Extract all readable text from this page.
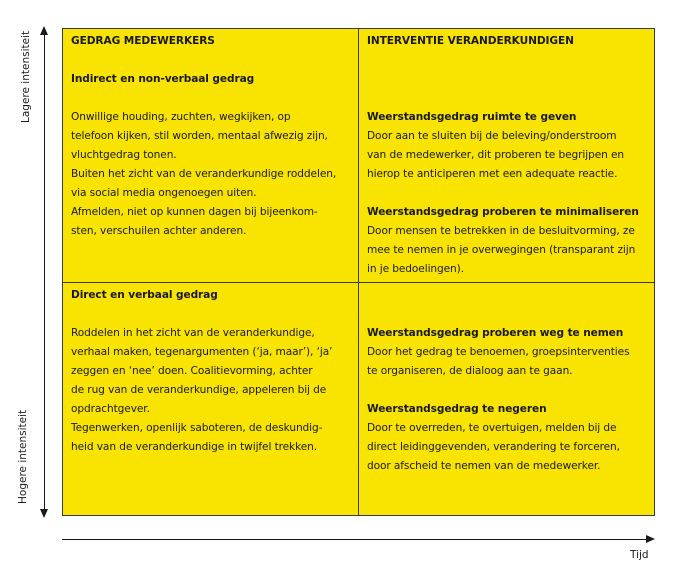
GEDRAG MEDEWERKERS
Indirect en non-verbaal gedrag
Onwillige houding, zuchten, wegkijken, op
telefoon kijken, stil worden, mentaal afwezig zijn,
vluchtgedrag tonen.
Buiten het zicht van de veranderkundige roddelen,
via social media ongenoegen uiten.
Afmelden, niet op kunnen dagen bij bijeenkom-
sten, verschuilen achter anderen.
INTERVENTIE VERANDERKUNDIGEN
Weerstandsgedrag ruimte te geven
Door aan te sluiten bij de beleving/onderstroom
van de medewerker, dit proberen te begrijpen en
hierop te anticiperen met een adequate reactie.
Weerstandsgedrag proberen te minimaliseren
Door mensen te betrekken in de besluitvorming, ze
mee te nemen in je overwegingen (transparant zijn
in je bedoelingen).
Direct en verbaal gedrag
Roddelen in het zicht van de veranderkundige,
verhaal maken, tegenargumenten (‘ja, maar’), ‘ja’
zeggen en ‘nee’ doen. Coalitievorming, achter
de rug van de veranderkundige, appeleren bij de
opdrachtgever.
Tegenwerken, openlijk saboteren, de deskundig-
heid van de veranderkundige in twijfel trekken.
Weerstandsgedrag proberen weg te nemen
Door het gedrag te benoemen, groepsinterventies
te organiseren, de dialoog aan te gaan.
Weerstandsgedrag te negeren
Door te overreden, te overtuigen, melden bij de
direct leidinggevenden, verandering te forceren,
door afscheid te nemen van de medewerker.
Lagere intensiteit
Hogere intensiteit
Tijd
